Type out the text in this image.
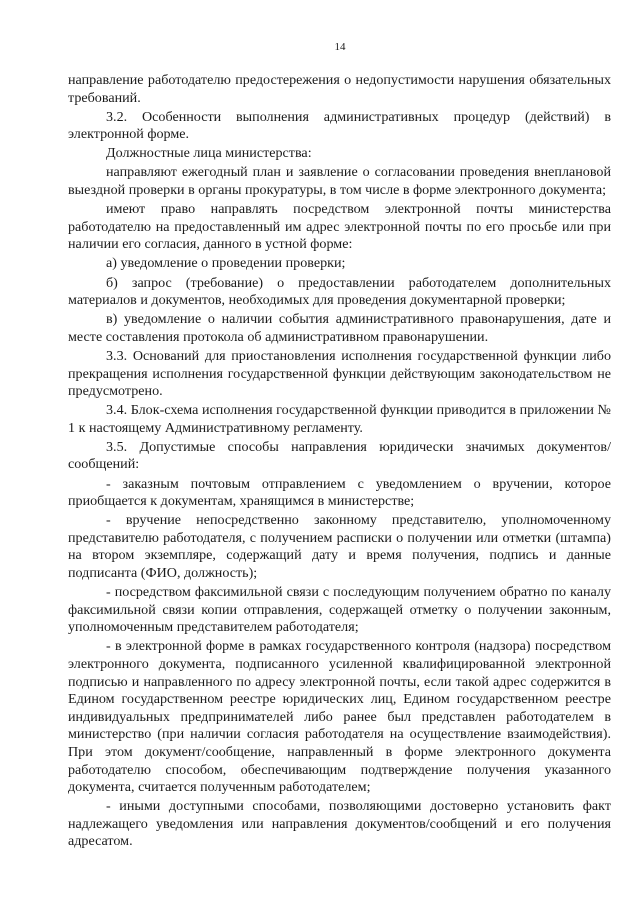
14

направление работодателю предостережения о недопустимости нарушения обязательных требований.

3.2. Особенности выполнения административных процедур (действий) в электронной форме.

Должностные лица министерства:

направляют ежегодный план и заявление о согласовании проведения внеплановой выездной проверки в органы прокуратуры, в том числе в форме электронного документа;

имеют право направлять посредством электронной почты министерства работодателю на предоставленный им адрес электронной почты по его просьбе или при наличии его согласия, данного в устной форме:

а) уведомление о проведении проверки;

б) запрос (требование) о предоставлении работодателем дополнительных материалов и документов, необходимых для проведения документарной проверки;

в) уведомление о наличии события административного правонарушения, дате и месте составления протокола об административном правонарушении.

3.3. Оснований для приостановления исполнения государственной функции либо прекращения исполнения государственной функции действующим законодательством не предусмотрено.

3.4. Блок-схема исполнения государственной функции приводится в приложении № 1 к настоящему Административному регламенту.

3.5. Допустимые способы направления юридически значимых документов/сообщений:

- заказным почтовым отправлением с уведомлением о вручении, которое приобщается к документам, хранящимся в министерстве;

- вручение непосредственно законному представителю, уполномоченному представителю работодателя, с получением расписки о получении или отметки (штампа) на втором экземпляре, содержащий дату и время получения, подпись и данные подписанта (ФИО, должность);

- посредством факсимильной связи с последующим получением обратно по каналу факсимильной связи копии отправления, содержащей отметку о получении законным, уполномоченным представителем работодателя;

- в электронной форме в рамках государственного контроля (надзора) посредством электронного документа, подписанного усиленной квалифицированной электронной подписью и направленного по адресу электронной почты, если такой адрес содержится в Едином государственном реестре юридических лиц, Едином государственном реестре индивидуальных предпринимателей либо ранее был представлен работодателем в министерство (при наличии согласия работодателя на осуществление взаимодействия). При этом документ/сообщение, направленный в форме электронного документа работодателю способом, обеспечивающим подтверждение получения указанного документа, считается полученным работодателем;

- иными доступными способами, позволяющими достоверно установить факт надлежащего уведомления или направления документов/сообщений и его получения адресатом.
